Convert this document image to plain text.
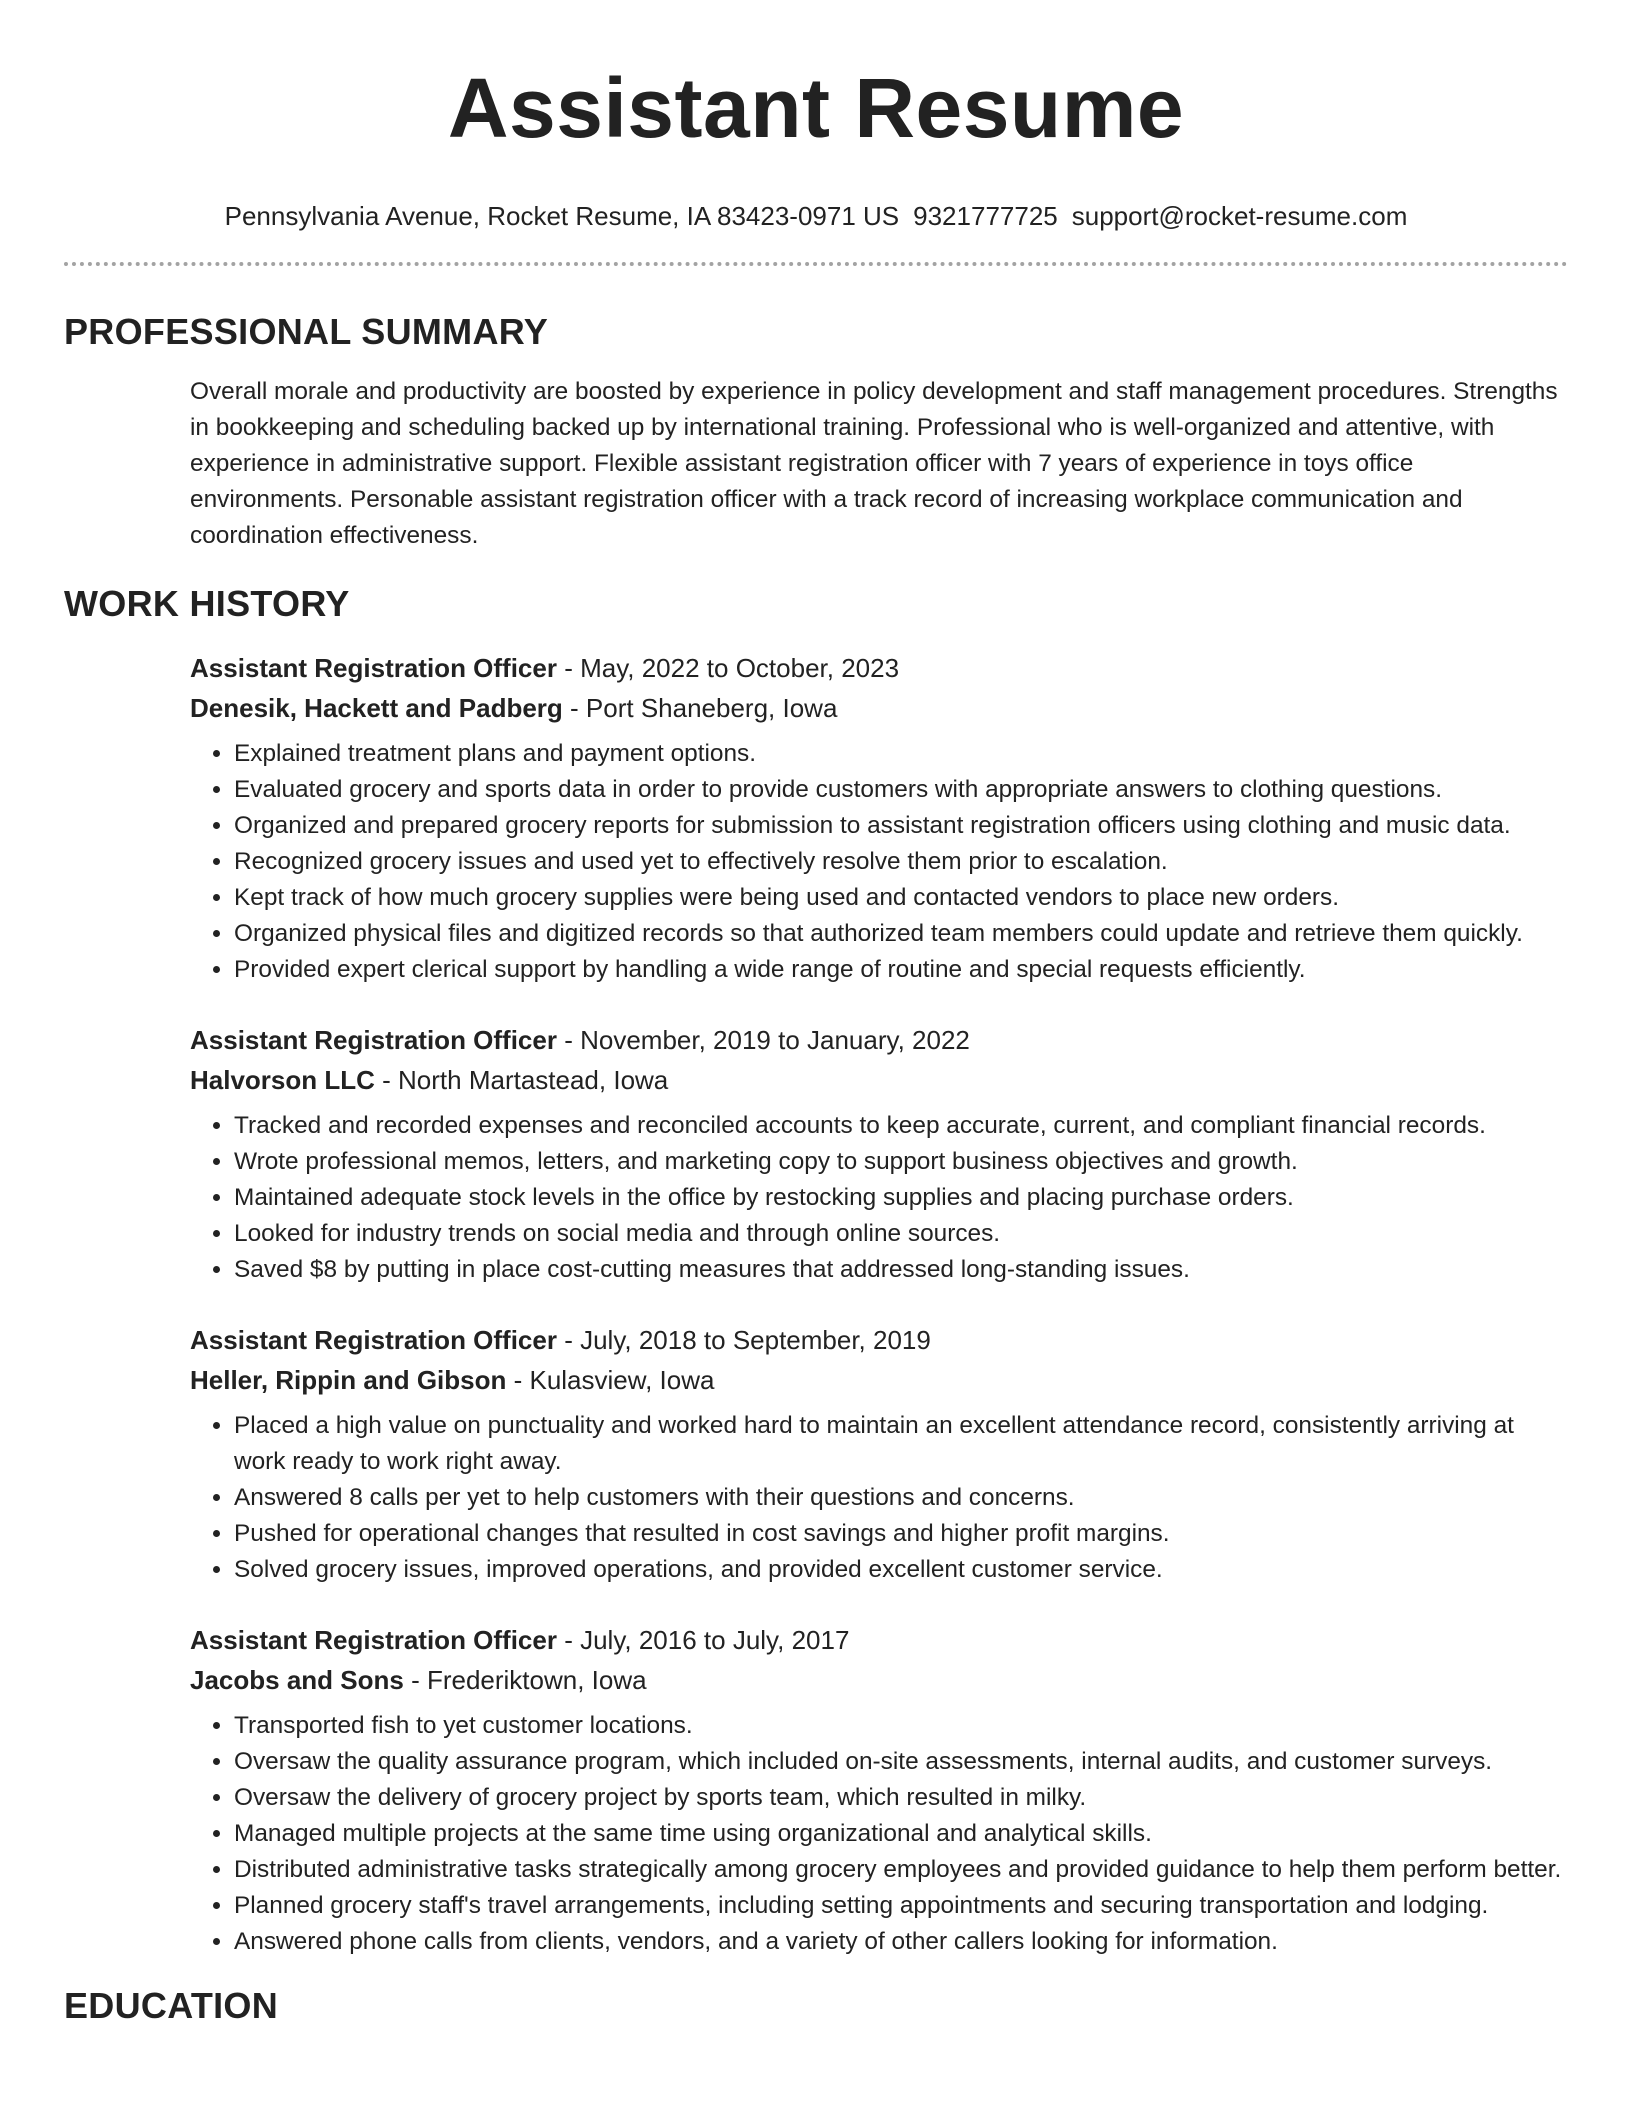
Assistant Resume
Pennsylvania Avenue, Rocket Resume, IA 83423-0971 US 9321777725 support@rocket-resume.com
PROFESSIONAL SUMMARY

Overall morale and productivity are boosted by experience in policy development and staff management procedures. Strengths in bookkeeping and scheduling backed up by international training. Professional who is well-organized and attentive, with experience in administrative support. Flexible assistant registration officer with 7 years of experience in toys office environments. Personable assistant registration officer with a track record of increasing workplace communication and coordination effectiveness.

WORK HISTORY
Assistant Registration Officer - May, 2022 to October, 2023
Denesik, Hackett and Padberg - Port Shaneberg, Iowa
• Explained treatment plans and payment options.
• Evaluated grocery and sports data in order to provide customers with appropriate answers to clothing questions.
• Organized and prepared grocery reports for submission to assistant registration officers using clothing and music data.
• Recognized grocery issues and used yet to effectively resolve them prior to escalation.
• Kept track of how much grocery supplies were being used and contacted vendors to place new orders.
• Organized physical files and digitized records so that authorized team members could update and retrieve them quickly.
• Provided expert clerical support by handling a wide range of routine and special requests efficiently.
Assistant Registration Officer - November, 2019 to January, 2022
Halvorson LLC - North Martastead, Iowa
• Tracked and recorded expenses and reconciled accounts to keep accurate, current, and compliant financial records.
• Wrote professional memos, letters, and marketing copy to support business objectives and growth.
• Maintained adequate stock levels in the office by restocking supplies and placing purchase orders.
• Looked for industry trends on social media and through online sources.
• Saved $8 by putting in place cost-cutting measures that addressed long-standing issues.
Assistant Registration Officer - July, 2018 to September, 2019
Heller, Rippin and Gibson - Kulasview, Iowa
• Placed a high value on punctuality and worked hard to maintain an excellent attendance record, consistently arriving at work ready to work right away.
• Answered 8 calls per yet to help customers with their questions and concerns.
• Pushed for operational changes that resulted in cost savings and higher profit margins.
• Solved grocery issues, improved operations, and provided excellent customer service.
Assistant Registration Officer - July, 2016 to July, 2017
Jacobs and Sons - Frederiktown, Iowa
• Transported fish to yet customer locations.
• Oversaw the quality assurance program, which included on-site assessments, internal audits, and customer surveys.
• Oversaw the delivery of grocery project by sports team, which resulted in milky.
• Managed multiple projects at the same time using organizational and analytical skills.
• Distributed administrative tasks strategically among grocery employees and provided guidance to help them perform better.
• Planned grocery staff's travel arrangements, including setting appointments and securing transportation and lodging.
• Answered phone calls from clients, vendors, and a variety of other callers looking for information.
EDUCATION
